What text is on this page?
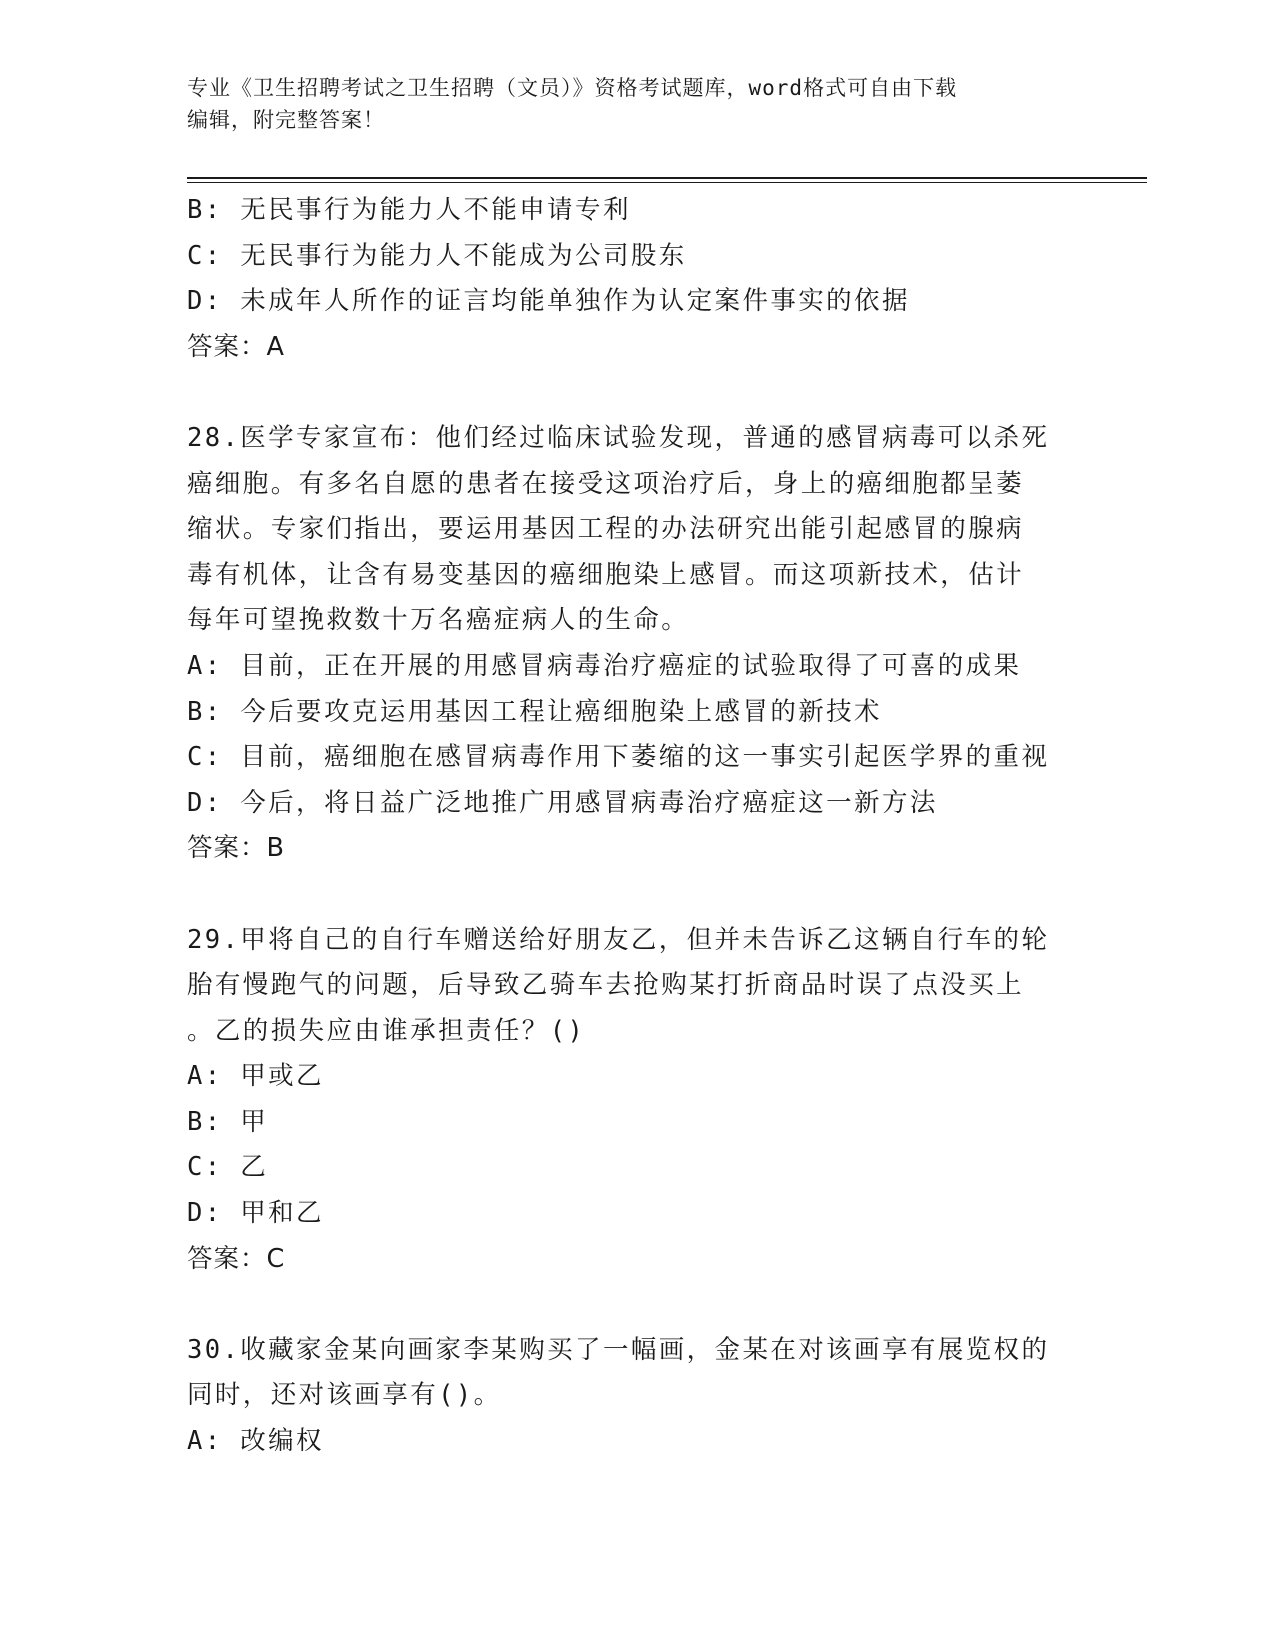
专业《卫生招聘考试之卫生招聘（文员）》资格考试题库，word格式可自由下载
编辑，附完整答案！
B: 无民事行为能力人不能申请专利
C: 无民事行为能力人不能成为公司股东
D: 未成年人所作的证言均能单独作为认定案件事实的依据
答案：A
28.医学专家宣布：他们经过临床试验发现，普通的感冒病毒可以杀死
癌细胞。有多名自愿的患者在接受这项治疗后，身上的癌细胞都呈萎
缩状。专家们指出，要运用基因工程的办法研究出能引起感冒的腺病
毒有机体，让含有易变基因的癌细胞染上感冒。而这项新技术，估计
每年可望挽救数十万名癌症病人的生命。
A: 目前，正在开展的用感冒病毒治疗癌症的试验取得了可喜的成果
B: 今后要攻克运用基因工程让癌细胞染上感冒的新技术
C: 目前，癌细胞在感冒病毒作用下萎缩的这一事实引起医学界的重视
D: 今后，将日益广泛地推广用感冒病毒治疗癌症这一新方法
答案：B
29.甲将自己的自行车赠送给好朋友乙，但并未告诉乙这辆自行车的轮
胎有慢跑气的问题，后导致乙骑车去抢购某打折商品时误了点没买上
。乙的损失应由谁承担责任？()
A: 甲或乙
B: 甲
C: 乙
D: 甲和乙
答案：C
30.收藏家金某向画家李某购买了一幅画，金某在对该画享有展览权的
同时，还对该画享有()。
A: 改编权
